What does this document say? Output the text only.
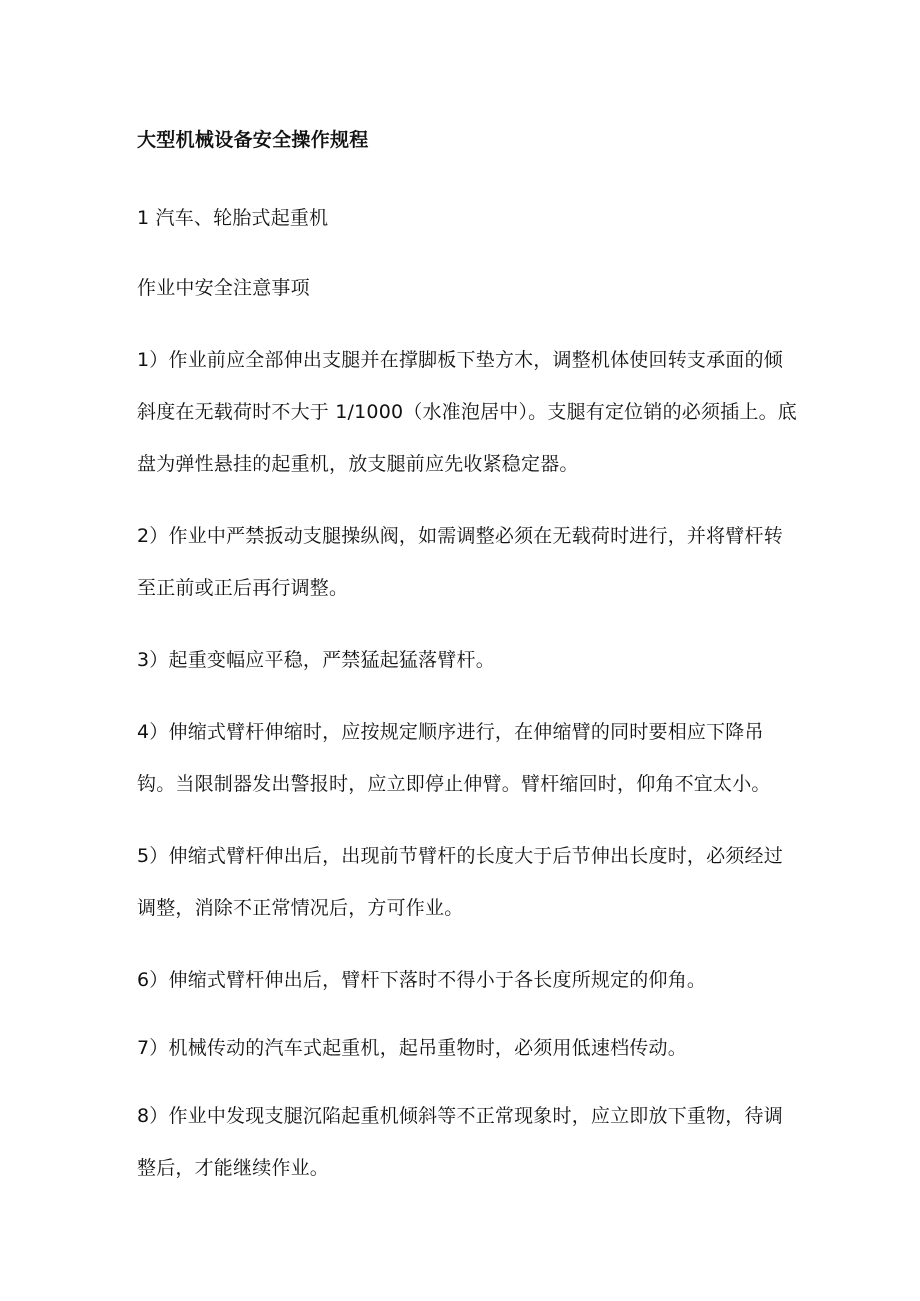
大型机械设备安全操作规程

1 汽车、轮胎式起重机

作业中安全注意事项

1）作业前应全部伸出支腿并在撑脚板下垫方木，调整机体使回转支承面的倾斜度在无载荷时不大于 1/1000（水准泡居中）。支腿有定位销的必须插上。底盘为弹性悬挂的起重机，放支腿前应先收紧稳定器。

2）作业中严禁扳动支腿操纵阀，如需调整必须在无载荷时进行，并将臂杆转至正前或正后再行调整。

3）起重变幅应平稳，严禁猛起猛落臂杆。

4）伸缩式臂杆伸缩时，应按规定顺序进行，在伸缩臂的同时要相应下降吊钩。当限制器发出警报时，应立即停止伸臂。臂杆缩回时，仰角不宜太小。

5）伸缩式臂杆伸出后，出现前节臂杆的长度大于后节伸出长度时，必须经过调整，消除不正常情况后，方可作业。

6）伸缩式臂杆伸出后，臂杆下落时不得小于各长度所规定的仰角。

7）机械传动的汽车式起重机，起吊重物时，必须用低速档传动。

8）作业中发现支腿沉陷起重机倾斜等不正常现象时，应立即放下重物，待调整后，才能继续作业。
